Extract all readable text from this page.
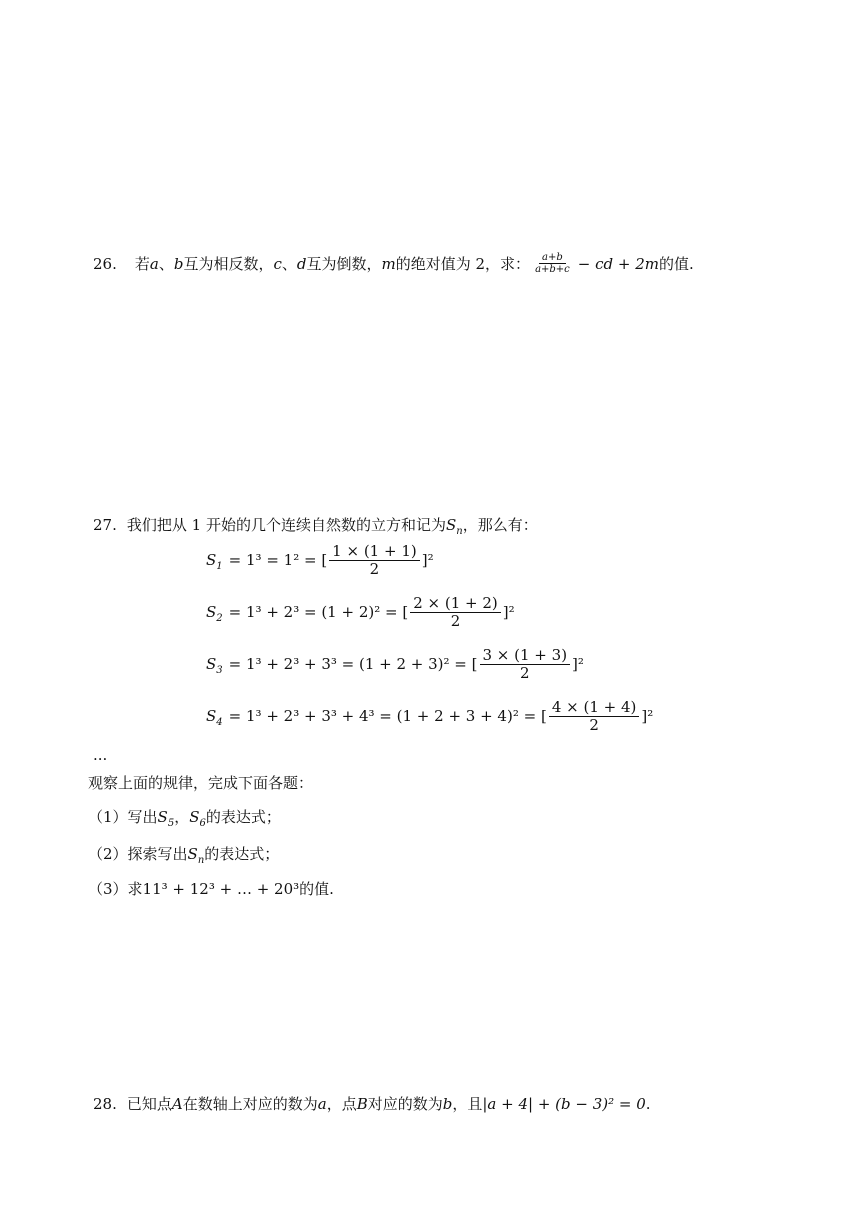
26. 若 a 、 b 互为相反数， c 、 d 互为倒数， m 的绝对值为 2，求： $\frac{a+b}{a+b+c}$ − cd + 2m 的值.
27. 我们把从 1 开始的几个连续自然数的立方和记为 $S_n$ ，那么有：
$S_1 = 1^3 = 1^2$ = [ $\frac{1 \times (1 + 1)}{2} ]^2$
$S_2 = 1^3 + 2^3 = (1 + 2)^2$ = [ $\frac{2 \times (1 + 2)}{2} ]^2$
$S_3 = 1^3 + 2^3 + 3^3 = (1 + 2 + 3)^2$ = [ $\frac{3 \times (1 + 3)}{2} ]^2$
$S_4 = 1^3 + 2^3 + 3^3 + 4^3 = (1 + 2 + 3 + 4)^2$ = [ $\frac{4 \times (1 + 4)}{2} ]^2$
...
观察上面的规律，完成下面各题：
（1）写出 $S_5$ ， $S_6$ 的表达式；
（2）探索写出 $S_n$ 的表达式；
（3）求 11³ + 12³ + … + 20³ 的值.
28. 已知点 A 在数轴上对应的数为 a ，点 B 对应的数为 b ，且 |a + 4| + (b − 3)² = 0 .
